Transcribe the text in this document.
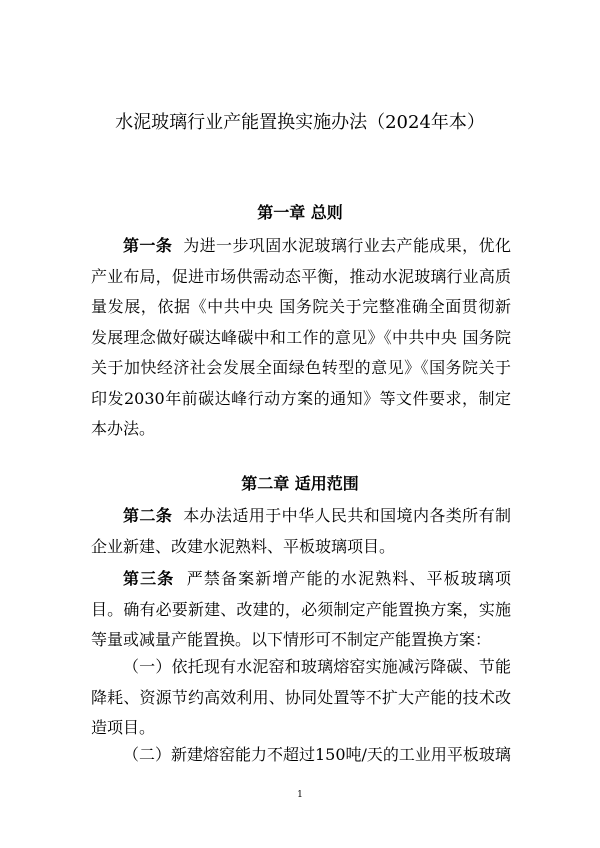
水泥玻璃行业产能置换实施办法（2024年本）
第一章 总则

第一条 为进一步巩固水泥玻璃行业去产能成果，优化产业布局，促进市场供需动态平衡，推动水泥玻璃行业高质量发展，依据《中共中央 国务院关于完整准确全面贯彻新发展理念做好碳达峰碳中和工作的意见》《中共中央 国务院关于加快经济社会发展全面绿色转型的意见》《国务院关于印发2030年前碳达峰行动方案的通知》等文件要求，制定本办法。

第二章 适用范围

第二条 本办法适用于中华人民共和国境内各类所有制企业新建、改建水泥熟料、平板玻璃项目。

第三条 严禁备案新增产能的水泥熟料、平板玻璃项目。确有必要新建、改建的，必须制定产能置换方案，实施等量或减量产能置换。以下情形可不制定产能置换方案：

（一）依托现有水泥窑和玻璃熔窑实施减污降碳、节能降耗、资源节约高效利用、协同处置等不扩大产能的技术改造项目。

（二）新建熔窑能力不超过150吨/天的工业用平板玻璃

1
